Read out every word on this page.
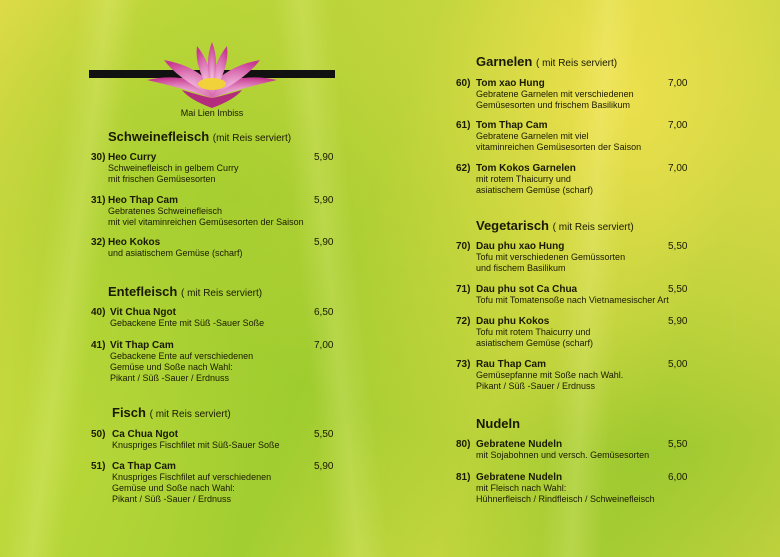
Mai Lien Imbiss
Schweinefleisch (mit Reis serviert)
30) Heo Curry
Schweinefleisch in gelbem Curry
mit frischen Gemüsesorten
5,90
31) Heo Thap Cam
Gebratenes Schweinefleisch
mit viel vitaminreichen Gemüsesorten der Saison
5,90
32) Heo Kokos
und asiatischem Gemüse (scharf)
5,90
Entefleisch ( mit Reis serviert)
40) Vit Chua Ngot
Gebackene Ente mit Süß -Sauer Soße
6,50
41) Vit Thap Cam
Gebackene Ente auf verschiedenen
Gemüse und Soße nach Wahl:
Pikant / Süß -Sauer / Erdnuss
7,00
Fisch ( mit Reis serviert)
50) Ca Chua Ngot
Knuspriges Fischfilet mit Süß-Sauer Soße
5,50
51) Ca Thap Cam
Knuspriges Fischfilet auf verschiedenen
Gemüse und Soße nach Wahl:
Pikant / Süß -Sauer / Erdnuss
5,90
Garnelen ( mit Reis serviert)
60) Tom xao Hung
Gebratene Garnelen mit verschiedenen
Gemüsesorten und frischem Basilikum
7,00
61) Tom Thap Cam
Gebratene Garnelen mit viel
vitaminreichen Gemüsesorten der Saison
7,00
62) Tom Kokos Garnelen
mit rotem Thaicurry und
asiatischem Gemüse (scharf)
7,00
Vegetarisch ( mit Reis serviert)
70) Dau phu xao Hung
Tofu mit verschiedenen Gemüssorten
und fischem Basilikum
5,50
71) Dau phu sot Ca Chua
Tofu mit Tomatensoße nach Vietnamesischer Art
5,50
72) Dau phu Kokos
Tofu mit rotem Thaicurry und
asiatischem Gemüse (scharf)
5,90
73) Rau Thap Cam
Gemüsepfanne mit Soße nach Wahl.
Pikant / Süß -Sauer / Erdnuss
5,00
Nudeln
80) Gebratene Nudeln
mit Sojabohnen und versch. Gemüsesorten
5,50
81) Gebratene Nudeln
mit Fleisch nach Wahl:
Hühnerfleisch / Rindfleisch / Schweinefleisch
6,00
· · · · · · · · · · · · · · · · · · · · ·
